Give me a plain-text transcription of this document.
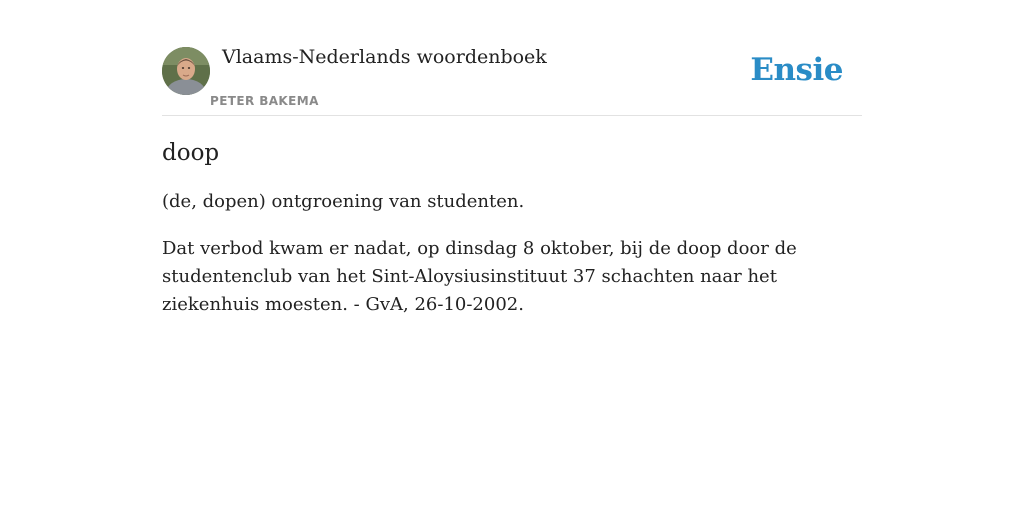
Vlaams-Nederlands woordenboek
PETER BAKEMA
Ensie
doop

(de, dopen) ontgroening van studenten.

Dat verbod kwam er nadat, op dinsdag 8 oktober, bij de doop door de studentenclub van het Sint-Aloysiusinstituut 37 schachten naar het ziekenhuis moesten. - GvA, 26-10-2002.
